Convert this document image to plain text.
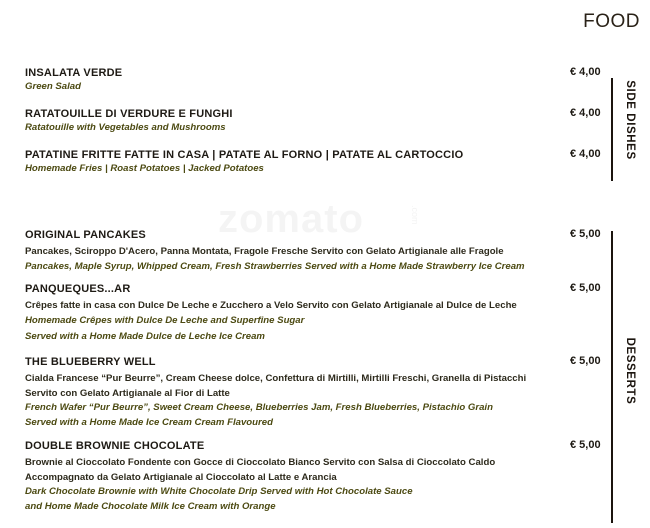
.com
FOOD
SIDE DISHES
INSALATA VERDE
Green Salad
€ 4,00
RATATOUILLE DI VERDURE E FUNGHI
Ratatouille with Vegetables and Mushrooms
€ 4,00
PATATINE FRITTE FATTE IN CASA | PATATE AL FORNO | PATATE AL CARTOCCIO
Homemade Fries | Roast Potatoes | Jacked Potatoes
€ 4,00
DESSERTS
ORIGINAL PANCAKES
Pancakes, Sciroppo D'Acero, Panna Montata, Fragole Fresche Servito con Gelato Artigianale alle Fragole
Pancakes, Maple Syrup, Whipped Cream, Fresh Strawberries Served with a Home Made Strawberry Ice Cream
€ 5,00
PANQUEQUES...AR
Crêpes fatte in casa con Dulce De Leche e Zucchero a Velo Servito con Gelato Artigianale al Dulce de Leche
Homemade Crêpes with Dulce De Leche and Superfine Sugar
Served with a Home Made Dulce de Leche Ice Cream
€ 5,00
THE BLUEBERRY WELL
Cialda Francese “Pur Beurre”, Cream Cheese dolce, Confettura di Mirtilli, Mirtilli Freschi, Granella di Pistacchi
Servito con Gelato Artigianale al Fior di Latte
French Wafer “Pur Beurre”, Sweet Cream Cheese, Blueberries Jam, Fresh Blueberries, Pistachio Grain
Served with a Home Made Ice Cream Cream Flavoured
€ 5,00
DOUBLE BROWNIE CHOCOLATE
Brownie al Cioccolato Fondente con Gocce di Cioccolato Bianco Servito con Salsa di Cioccolato Caldo
Accompagnato da Gelato Artigianale al Cioccolato al Latte e Arancia
Dark Chocolate Brownie with White Chocolate Drip Served with Hot Chocolate Sauce
and Home Made Chocolate Milk Ice Cream with Orange
€ 5,00
